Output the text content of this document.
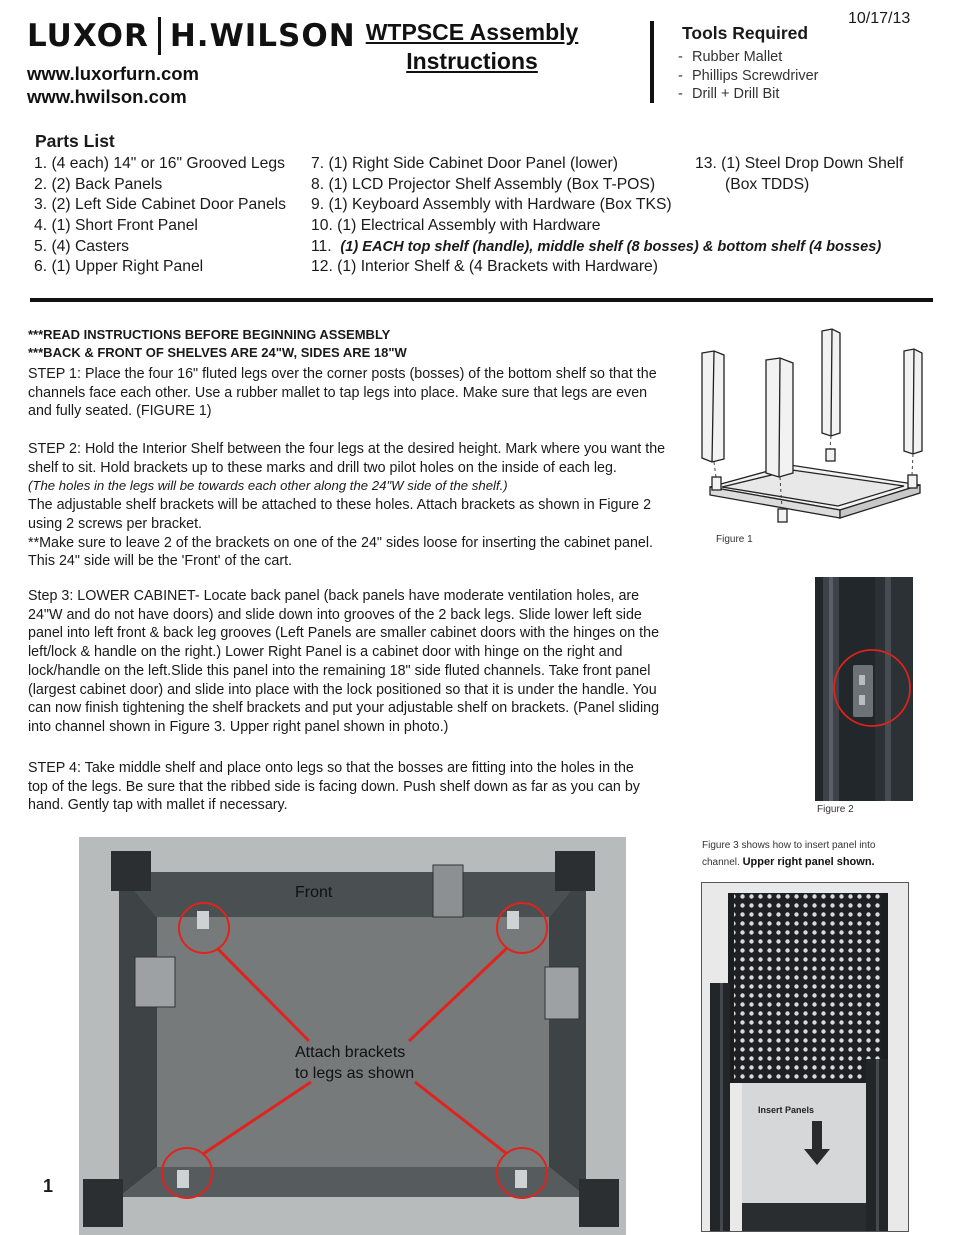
LUXOR H.WILSON
www.luxorfurn.com
www.hwilson.com
WTPSCE Assembly
Instructions
Tools Required
- Rubber Mallet
- Phillips Screwdriver
- Drill + Drill Bit
10/17/13
Parts List
1. (4 each) 14" or 16" Grooved Legs
2. (2) Back Panels
3. (2) Left Side Cabinet Door Panels
4. (1) Short Front Panel
5. (4) Casters
6. (1) Upper Right Panel
7. (1) Right Side Cabinet Door Panel (lower)
8. (1) LCD Projector Shelf Assembly (Box T-POS)
9. (1) Keyboard Assembly with Hardware (Box TKS)
10. (1) Electrical Assembly with Hardware
11. (1) EACH top shelf (handle), middle shelf (8 bosses) & bottom shelf (4 bosses)
12. (1) Interior Shelf & (4 Brackets with Hardware)
13. (1) Steel Drop Down Shelf
(Box TDDS)
***READ INSTRUCTIONS BEFORE BEGINNING ASSEMBLY
***BACK & FRONT OF SHELVES ARE 24"W, SIDES ARE 18"W
STEP 1: Place the four 16" fluted legs over the corner posts (bosses) of the bottom shelf so that the channels face each other. Use a rubber mallet to tap legs into place. Make sure that legs are even and fully seated. (FIGURE 1)
STEP 2: Hold the Interior Shelf between the four legs at the desired height. Mark where you want the shelf to sit. Hold brackets up to these marks and drill two pilot holes on the inside of each leg.
(The holes in the legs will be towards each other along the 24"W side of the shelf.)
The adjustable shelf brackets will be attached to these holes. Attach brackets as shown in Figure 2 using 2 screws per bracket.
**Make sure to leave 2 of the brackets on one of the 24" sides loose for inserting the cabinet panel. This 24" side will be the 'Front' of the cart.
Step 3: LOWER CABINET- Locate back panel (back panels have moderate ventilation holes, are 24"W and do not have doors) and slide down into grooves of the 2 back legs. Slide lower left side panel into left front & back leg grooves (Left Panels are smaller cabinet doors with the hinges on the left/lock & handle on the right.) Lower Right Panel is a cabinet door with hinge on the right and lock/handle on the left.Slide this panel into the remaining 18" side fluted channels. Take front panel (largest cabinet door) and slide into place with the lock positioned so that it is under the handle. You can now finish tightening the shelf brackets and put your adjustable shelf on brackets. (Panel sliding into channel shown in Figure 3. Upper right panel shown in photo.)
STEP 4: Take middle shelf and place onto legs so that the bosses are fitting into the holes in the top of the legs. Be sure that the ribbed side is facing down. Push shelf down as far as you can by hand. Gently tap with mallet if necessary.
Figure 1
Figure 2
Figure 3 shows how to insert panel into channel. Upper right panel shown.
Insert Panels
Front
Attach brackets
to legs as shown
1
